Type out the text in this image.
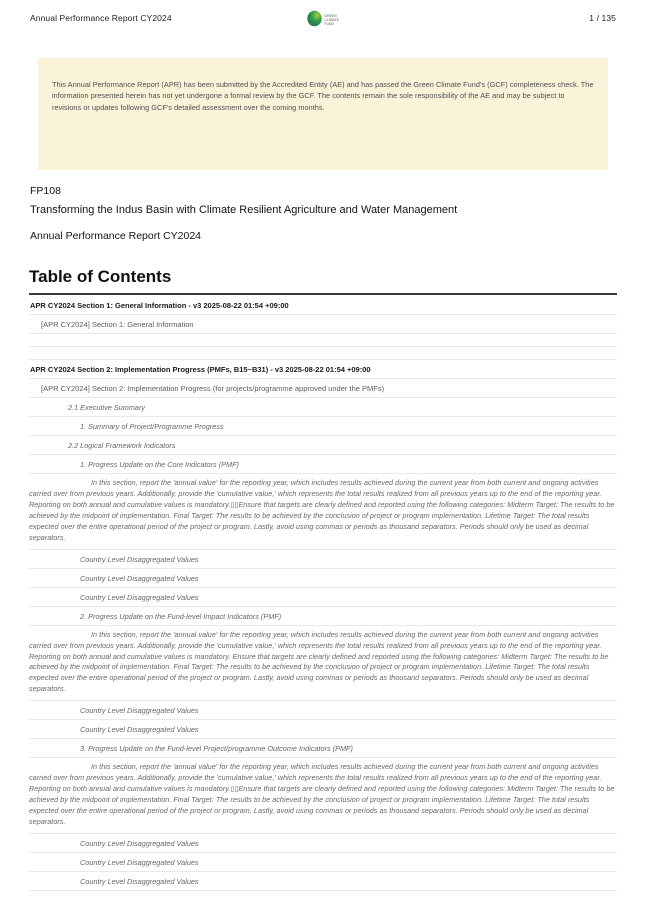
Annual Performance Report CY2024	GREEN
CLIMATE
FUND
1 / 135

This Annual Performance Report (APR) has been submitted by the Accredited Entity (AE) and has passed the Green Climate Fund's (GCF) completeness check. The information presented herein has not yet undergone a formal review by the GCF. The contents remain the sole responsibility of the AE and may be subject to revisions or updates following GCF's detailed assessment over the coming months.

FP108
Transforming the Indus Basin with Climate Resilient Agriculture and Water Management
Annual Performance Report CY2024
Table of Contents
APR CY2024 Section 1: General Information - v3 2025-08-22 01:54 +09:00
[APR CY2024] Section 1: General Information
APR CY2024 Section 2: Implementation Progress (PMFs, B15~B31) - v3 2025-08-22 01:54 +09:00
[APR CY2024] Section 2: Implementation Progress (for projects/programme approved under the PMFs)
2.1 Executive Summary
1. Summary of Project/Programme Progress
2.2 Logical Framework Indicators
1. Progress Update on the Core Indicators (PMF)
In this section, report the 'annual value' for the reporting year, which includes results achieved during the current year from both current and ongoing activities carried over from previous years. Additionally, provide the 'cumulative value,' which represents the total results realized from all previous years up to the end of the reporting year. Reporting on both annual and cumulative values is mandatory.▯▯Ensure that targets are clearly defined and reported using the following categories: Midterm Target: The results to be achieved by the midpoint of implementation. Final Target: The results to be achieved by the conclusion of project or program implementation. Lifetime Target: The total results expected over the entire operational period of the project or program. Lastly, avoid using commas or periods as thousand separators. Periods should only be used as decimal separators.
Country Level Disaggregated Values
Country Level Disaggregated Values
Country Level Disaggregated Values
2. Progress Update on the Fund-level Impact Indicators (PMF)
In this section, report the 'annual value' for the reporting year, which includes results achieved during the current year from both current and ongoing activities carried over from previous years. Additionally, provide the 'cumulative value,' which represents the total results realized from all previous years up to the end of the reporting year. Reporting on both annual and cumulative values is mandatory. Ensure that targets are clearly defined and reported using the following categories: Midterm Target: The results to be achieved by the midpoint of implementation. Final Target: The results to be achieved by the conclusion of project or program implementation. Lifetime Target: The total results expected over the entire operational period of the project or program. Lastly, avoid using commas or periods as thousand separators. Periods should only be used as decimal separators.
Country Level Disaggregated Values
Country Level Disaggregated Values
3. Progress Update on the Fund-level Project/programme Outcome Indicators (PMF)
In this section, report the 'annual value' for the reporting year, which includes results achieved during the current year from both current and ongoing activities carried over from previous years. Additionally, provide the 'cumulative value,' which represents the total results realized from all previous years up to the end of the reporting year. Reporting on both annual and cumulative values is mandatory.▯▯Ensure that targets are clearly defined and reported using the following categories: Midterm Target: The results to be achieved by the midpoint of implementation. Final Target: The results to be achieved by the conclusion of project or program implementation. Lifetime Target: The total results expected over the entire operational period of the project or program. Lastly, avoid using commas or periods as thousand separators. Periods should only be used as decimal separators.
Country Level Disaggregated Values
Country Level Disaggregated Values
Country Level Disaggregated Values
